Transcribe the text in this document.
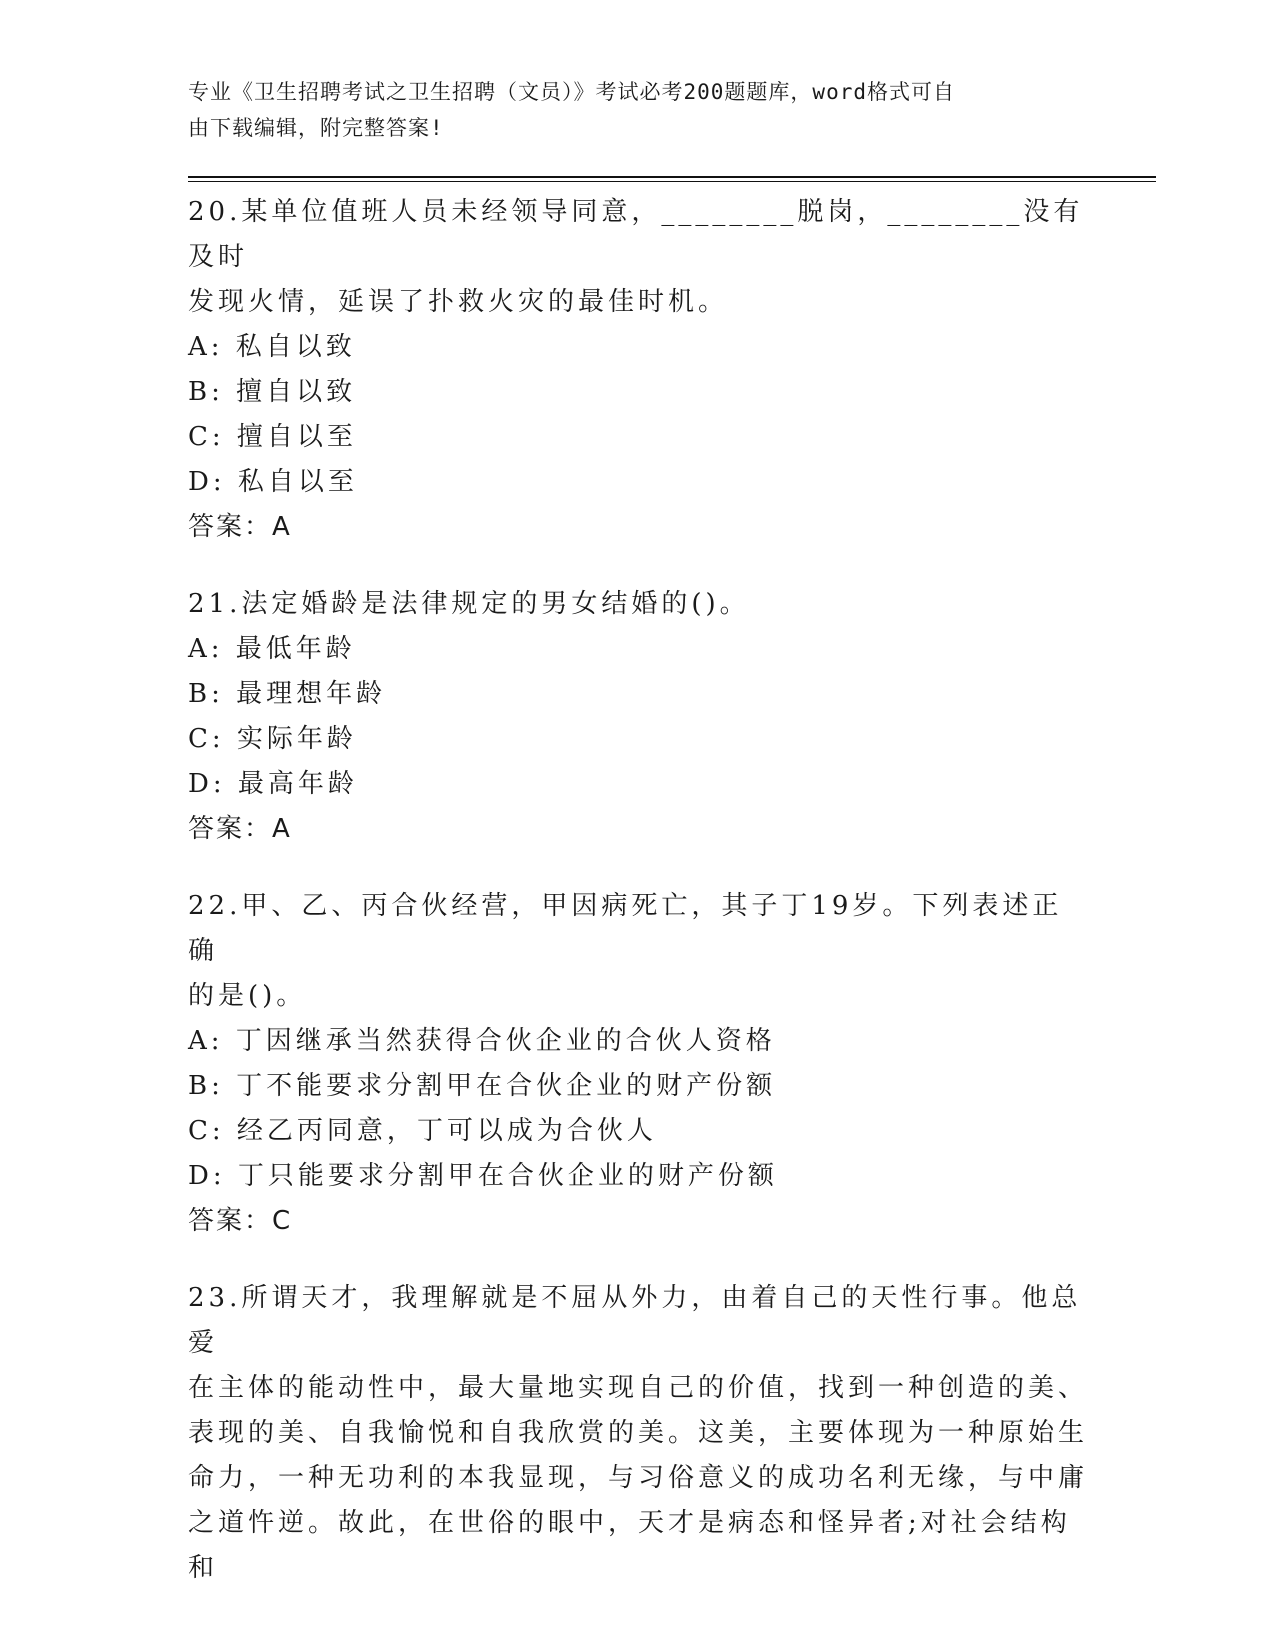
专业《卫生招聘考试之卫生招聘（文员）》考试必考200题题库，word格式可自
由下载编辑，附完整答案!

20.某单位值班人员未经领导同意，________脱岗，________没有及时

发现火情，延误了扑救火灾的最佳时机。

A: 私自以致

B: 擅自以致

C: 擅自以至

D: 私自以至

答案：A

21.法定婚龄是法律规定的男女结婚的()。

A: 最低年龄

B: 最理想年龄

C: 实际年龄

D: 最高年龄

答案：A

22.甲、乙、丙合伙经营，甲因病死亡，其子丁19岁。下列表述正确

的是()。

A: 丁因继承当然获得合伙企业的合伙人资格

B: 丁不能要求分割甲在合伙企业的财产份额

C: 经乙丙同意，丁可以成为合伙人

D: 丁只能要求分割甲在合伙企业的财产份额

答案：C

23.所谓天才，我理解就是不屈从外力，由着自己的天性行事。他总爱

在主体的能动性中，最大量地实现自己的价值，找到一种创造的美、

表现的美、自我愉悦和自我欣赏的美。这美，主要体现为一种原始生

命力，一种无功利的本我显现，与习俗意义的成功名利无缘，与中庸

之道忤逆。故此，在世俗的眼中，天才是病态和怪异者;对社会结构和
